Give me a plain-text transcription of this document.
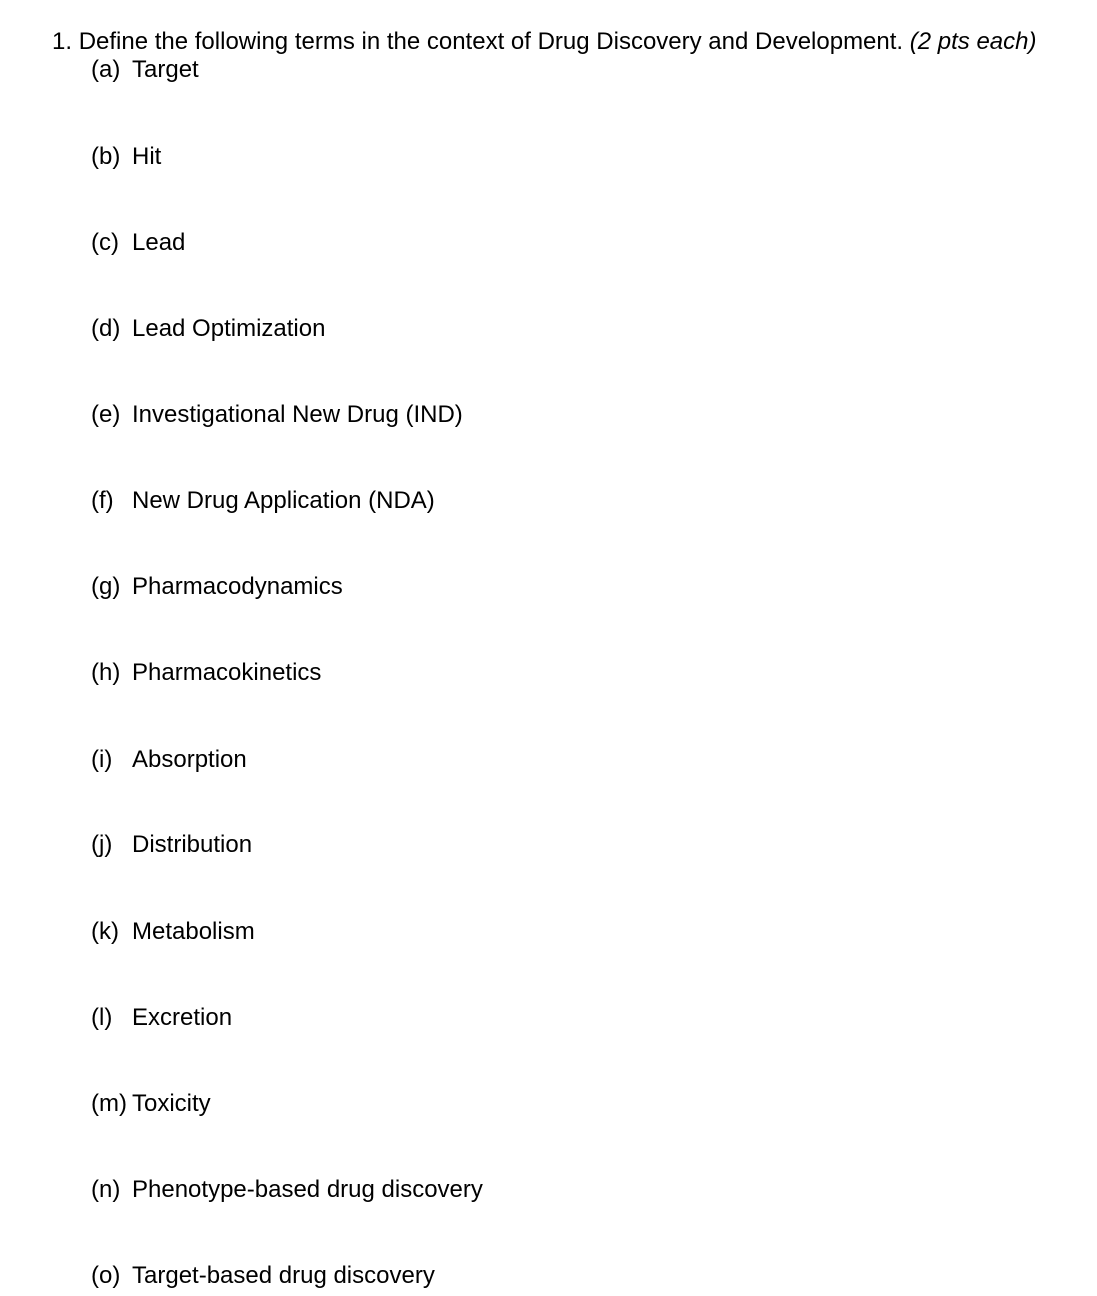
1. Define the following terms in the context of Drug Discovery and Development. (2 pts each)
(a) Target
(b) Hit
(c) Lead
(d) Lead Optimization
(e) Investigational New Drug (IND)
(f) New Drug Application (NDA)
(g) Pharmacodynamics
(h) Pharmacokinetics
(i) Absorption
(j) Distribution
(k) Metabolism
(l) Excretion
(m) Toxicity
(n) Phenotype-based drug discovery
(o) Target-based drug discovery
